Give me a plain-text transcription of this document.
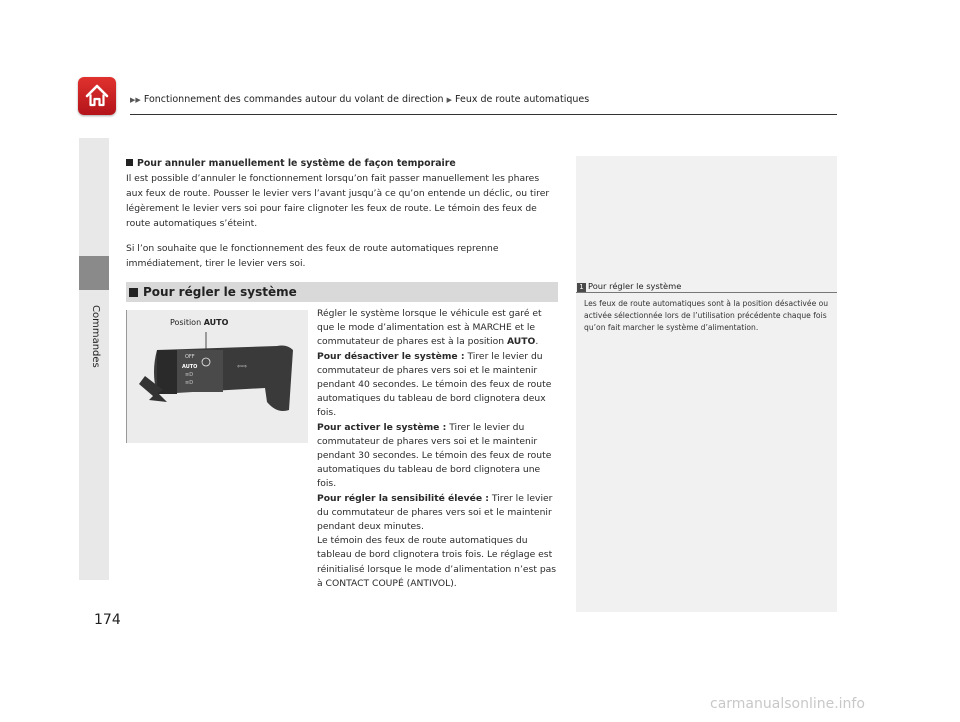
▶▶ Fonctionnement des commandes autour du volant de direction ▶ Feux de route automatiques
Commandes
174
Pour annuler manuellement le système de façon temporaire

Il est possible d’annuler le fonctionnement lorsqu’on fait passer manuellement les phares aux feux de route. Pousser le levier vers l’avant jusqu’à ce qu’on entende un déclic, ou tirer légèrement le levier vers soi pour faire clignoter les feux de route. Le témoin des feux de route automatiques s’éteint.

Si l’on souhaite que le fonctionnement des feux de route automatiques reprenne immédiatement, tirer le levier vers soi.

Pour régler le système
Position AUTO
OFF
AUTO
≡D
≡D
⇦⇨

Régler le système lorsque le véhicule est garé et que le mode d’alimentation est à MARCHE et le commutateur de phares est à la position AUTO.

Pour désactiver le système : Tirer le levier du commutateur de phares vers soi et le maintenir pendant 40 secondes. Le témoin des feux de route automatiques du tableau de bord clignotera deux fois.

Pour activer le système : Tirer le levier du commutateur de phares vers soi et le maintenir pendant 30 secondes. Le témoin des feux de route automatiques du tableau de bord clignotera une fois.

Pour régler la sensibilité élevée : Tirer le levier du commutateur de phares vers soi et le maintenir pendant deux minutes.

Le témoin des feux de route automatiques du tableau de bord clignotera trois fois. Le réglage est réinitialisé lorsque le mode d’alimentation n’est pas à CONTACT COUPÉ (ANTIVOL).

1 Pour régler le système
Les feux de route automatiques sont à la position désactivée ou activée sélectionnée lors de l’utilisation précédente chaque fois qu’on fait marcher le système d’alimentation.
carmanualsonline.info
